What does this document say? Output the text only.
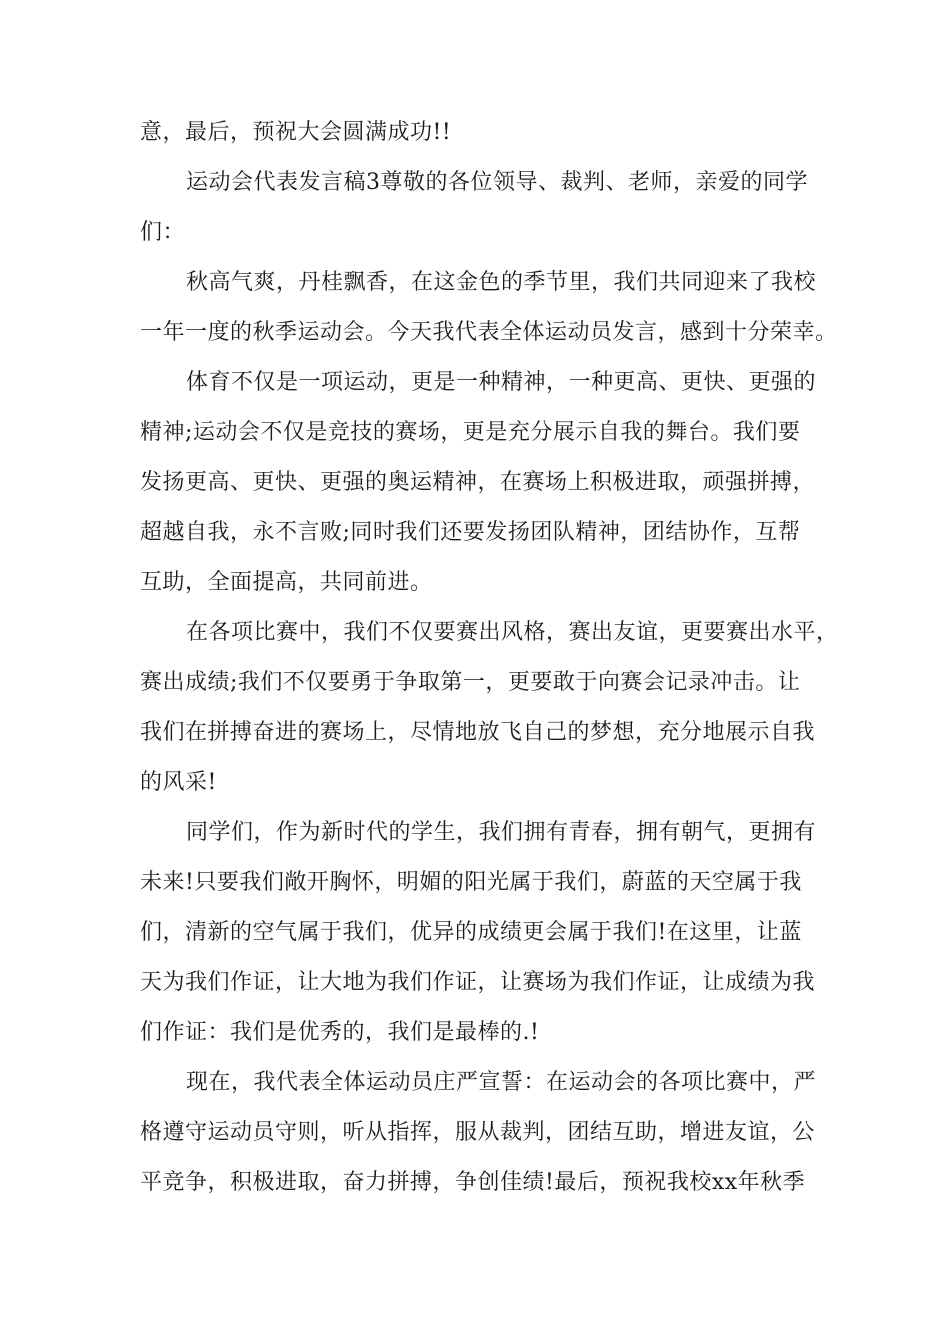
意，最后，预祝大会圆满成功!!
运动会代表发言稿3尊敬的各位领导、裁判、老师，亲爱的同学
们：
秋高气爽，丹桂飘香，在这金色的季节里，我们共同迎来了我校
一年一度的秋季运动会。今天我代表全体运动员发言，感到十分荣幸。
体育不仅是一项运动，更是一种精神，一种更高、更快、更强的
精神;运动会不仅是竞技的赛场，更是充分展示自我的舞台。我们要
发扬更高、更快、更强的奥运精神，在赛场上积极进取，顽强拼搏，
超越自我，永不言败;同时我们还要发扬团队精神，团结协作，互帮
互助，全面提高，共同前进。
在各项比赛中，我们不仅要赛出风格，赛出友谊，更要赛出水平，
赛出成绩;我们不仅要勇于争取第一，更要敢于向赛会记录冲击。让
我们在拼搏奋进的赛场上，尽情地放飞自己的梦想，充分地展示自我
的风采!
同学们，作为新时代的学生，我们拥有青春，拥有朝气，更拥有
未来!只要我们敞开胸怀，明媚的阳光属于我们，蔚蓝的天空属于我
们，清新的空气属于我们，优异的成绩更会属于我们!在这里，让蓝
天为我们作证，让大地为我们作证，让赛场为我们作证，让成绩为我
们作证：我们是优秀的，我们是最棒的.!
现在，我代表全体运动员庄严宣誓：在运动会的各项比赛中，严
格遵守运动员守则，听从指挥，服从裁判，团结互助，增进友谊，公
平竞争，积极进取，奋力拼搏，争创佳绩!最后，预祝我校xx年秋季
